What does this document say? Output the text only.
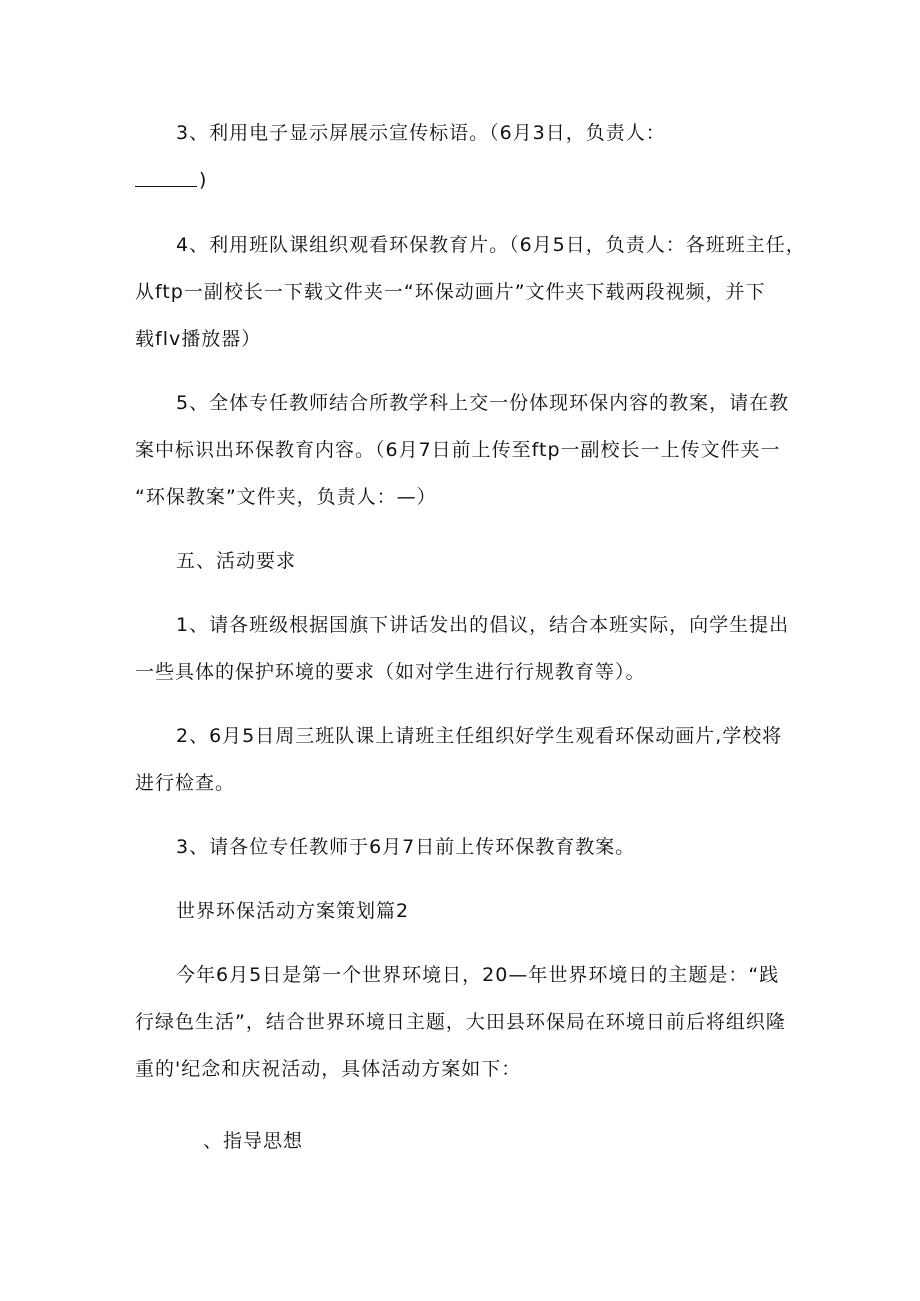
3、利用电子显示屏展示宣传标语。（6月3日，负责人：
)
4、利用班队课组织观看环保教育片。（6月5日，负责人：各班班主任，
从ftp一副校长一下载文件夹一“环保动画片”文件夹下载两段视频，并下
载flv播放器）
5、全体专任教师结合所教学科上交一份体现环保内容的教案，请在教
案中标识出环保教育内容。（6月7日前上传至ftp一副校长一上传文件夹一
“环保教案”文件夹，负责人：—）
五、活动要求
1、请各班级根据国旗下讲话发出的倡议，结合本班实际，向学生提出
一些具体的保护环境的要求（如对学生进行行规教育等）。
2、6月5日周三班队课上请班主任组织好学生观看环保动画片,学校将
进行检查。
3、请各位专任教师于6月7日前上传环保教育教案。
世界环保活动方案策划篇2
今年6月5日是第一个世界环境日，20—年世界环境日的主题是：“践
行绿色生活”，结合世界环境日主题，大田县环保局在环境日前后将组织隆
重的'纪念和庆祝活动，具体活动方案如下：
、指导思想
